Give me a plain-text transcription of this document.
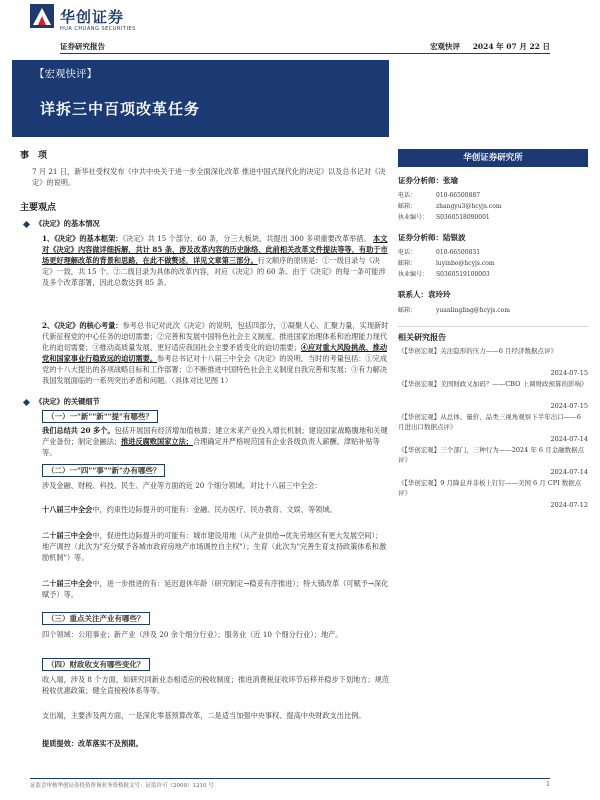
华创证券
HUA CHUANG SECURITIES
证券研究报告	宏观快评 2024 年 07 月 22 日
【宏观快评】
详拆三中百项改革任务
事　项
7 月 21 日，新华社受权发布《中共中央关于进一步全面深化改革 推进中国式现代化的决定》以及总书记对《决定》的说明。
主要观点
《决定》的基本情况
1、《决定》的基本框架：《决定》共 15 个部分、60 条，分三大板块，共提出 300 多项重要改革举措。 本文对《决定》内容做详细拆解，共计 85 条，涉及改革内容的历史脉络、此前相关改革文件提法等等，有助于市场更好理解改革的背景和思路，在此不做赘述，详见文章第三部分。行文顺序的原则是：①一级目录与《决定》一致，共 15 个。②二级目录为具体的改革内容，对应《决定》的 60 条。由于《决定》的每一条可能涉及多个改革部署，因此总数达到 85 条。
2、《决定》的核心考量：参考总书记对此次《决定》的说明，包括四部分，①凝聚人心、汇聚力量，实现新时代新征程党的中心任务的迫切需要；②完善和发展中国特色社会主义制度、推进国家治理体系和治理能力现代化的迫切需要；③推动高质量发展、更好适应我国社会主要矛盾变化的迫切需要；④应对重大风险挑战、推动党和国家事业行稳致远的迫切需要。参考总书记对十八届三中全会《决定》的说明，当时的考量包括：①完成党的十八大提出的各项战略目标和工作部署；②不断推进中国特色社会主义制度自我完善和发展；③有力解决我国发展面临的一系列突出矛盾和问题。（具体对比见图 1）
《决定》的关键细节
（一）一"新""新""提"有哪些？
我们总结共 20 多个。包括开展国有经济增加值核算；建立未来产业投入增长机制；建设国家战略腹地和关键产业备份；制定金融法；推进反腐败国家立法；合理确定并严格规范国有企业各级负责人薪酬、津贴补贴等等。
（二）一"四""事""新"办有哪些？
涉及金融、财税、科技、民生、产业等方面的近 20 个细分领域。对比十八届三中全会：
十八届三中全会中，约束性边际提升的可能有：金融、民办医疗、民办教育、文娱、等领域。
二十届三中全会中，促进性边际提升的可能有：城市建设用地（从产业供给→优先劳地区有更大发展空间）；地产调控（此次为"充分赋予各城市政府房地产市场调控自主权"）；生育（此次为"完善生育支持政策体系和激励机制"）等。
二十届三中全会中，进一步推进的有：延迟退休年龄（研究制定→稳妥有序推进）；特大镇改革（可赋予→深化赋予）等。
（三）重点关注产业有哪些？
四个领域：公用事业；新产业（涉及 20 余个细分行业）；服务业（近 10 个细分行业）；地产。
（四）财政收支有哪些变化？
收入端，涉及 8 个方面，如研究同新业态相适应的税收制度；推进消费税征收环节后移并稳步下划地方；规范税收优惠政策；健全直接税体系等等。
支出端，主要涉及两方面，一是深化零基预算改革，二是适当加强中央事权、提高中央财政支出比例。
提质提效：改革落实不及预期。
华创证券研究所
证券分析师：张瑜
电话：	010-66500887
邮箱：	zhangyu3@hcyjs.com
执业编号： S0360518090001
证券分析师：陆银波
电话：	010-66500831
邮箱：	luyinbo@hcyjs.com
执业编号： S0360519100003
联系人：袁玲玲
邮箱：	yuanlingling@hcyjs.com
相关研究报告
《【华创宏观】关注隐形的压力——6 月经济数据点评》
2024-07-15
《【华创宏观】美国财政又加码？——CBO 上调财政预算的影响》
2024-07-15
《【华创宏观】从总体、量价、品类三视角观察下半年出口——6 月进出口数据点评》
2024-07-14
《【华创宏观】三个部门，三种行为——2024 年 6 月金融数据点评》
2024-07-14
《【华创宏观】9 月降息并非板上钉钉——美国 6 月 CPI 数据点评》
2024-07-12
证监会审核华创证券投资咨询业务资格批文号：证监许可（2009）1210 号	1
